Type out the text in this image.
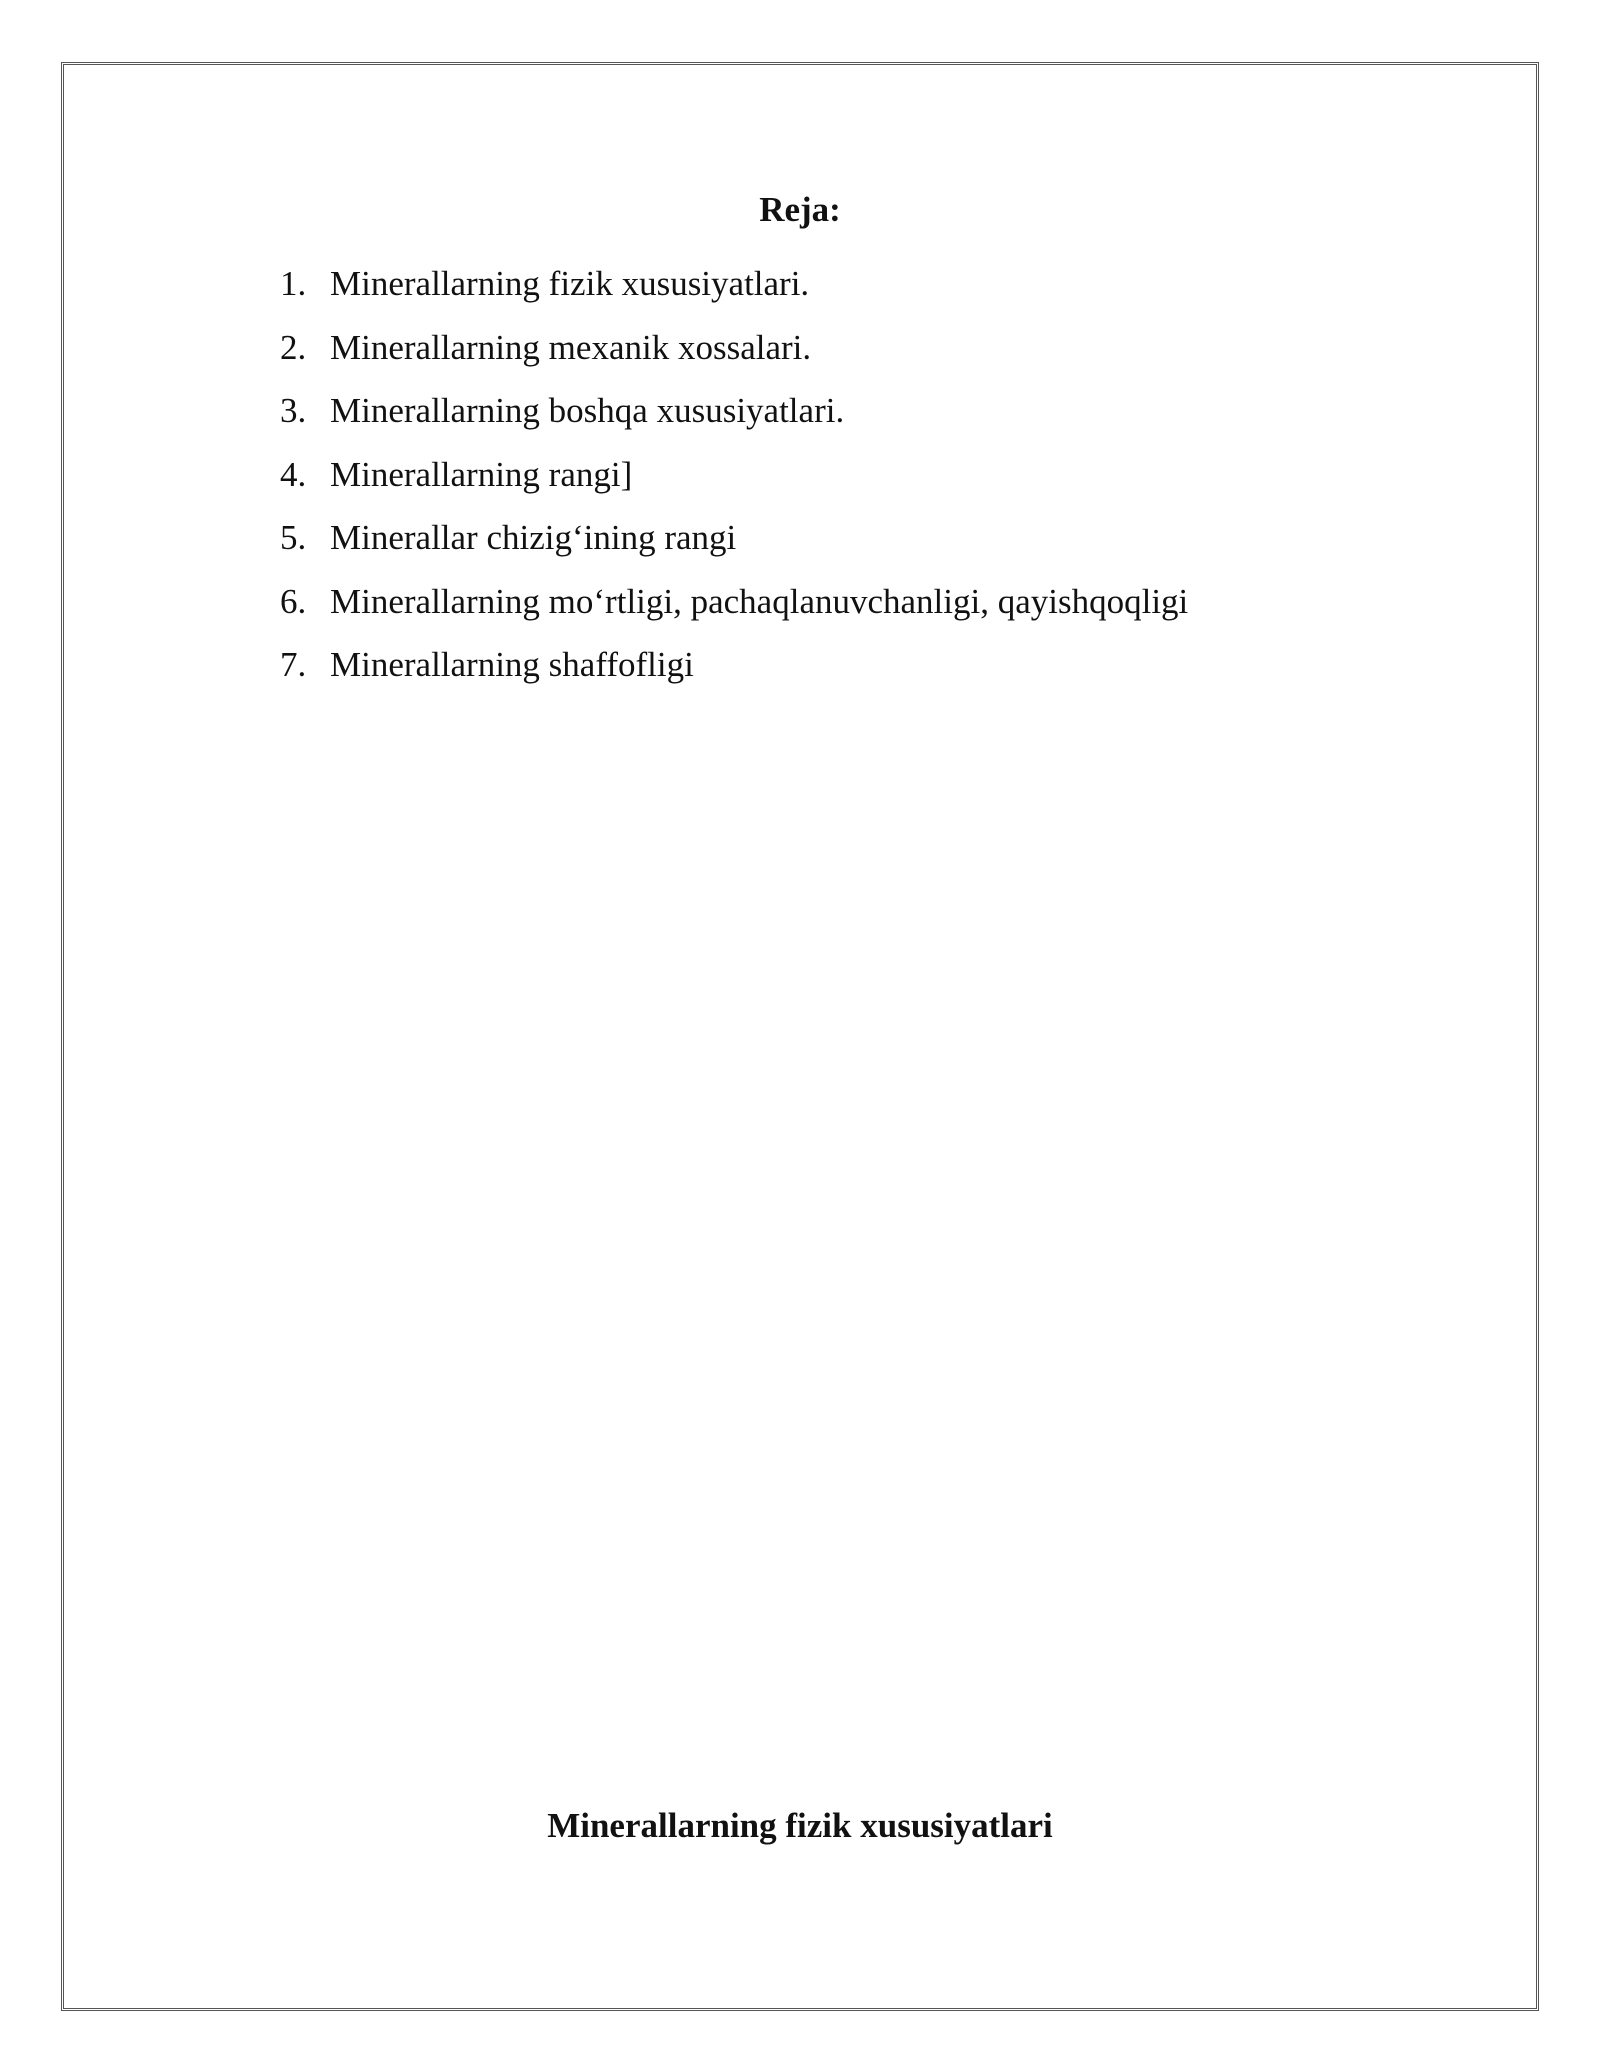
Reja:
1. Minerallarning fizik xususiyatlari.
2. Minerallarning mexanik xossalari.
3. Minerallarning boshqa xususiyatlari.
4. Minerallarning rangi]
5. Minerallar chizig‘ining rangi
6. Minerallarning mo‘rtligi, pachaqlanuvchanligi, qayishqoqligi
7. Minerallarning shaffofligi
Minerallarning fizik xususiyatlari
